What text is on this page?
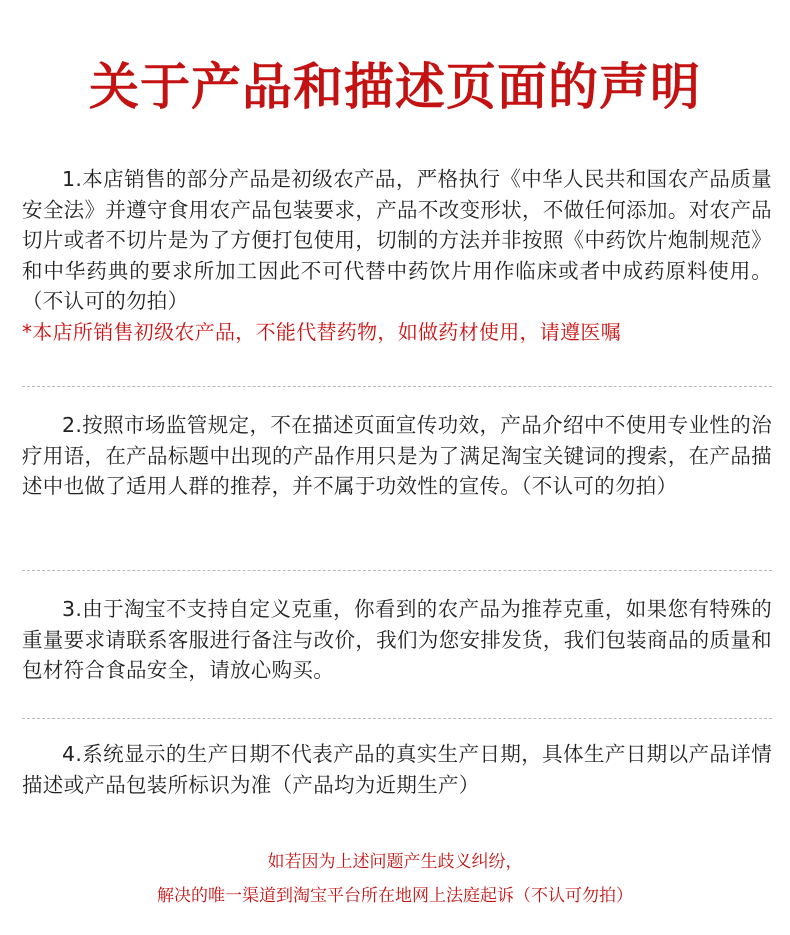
关于产品和描述页面的声明

1.本店销售的部分产品是初级农产品，严格执行《中华人民共和国农产品质量安全法》并遵守食用农产品包装要求，产品不改变形状，不做任何添加。对农产品切片或者不切片是为了方便打包使用，切制的方法并非按照《中药饮片炮制规范》和中华药典的要求所加工因此不可代替中药饮片用作临床或者中成药原料使用。（不认可的勿拍）

*本店所销售初级农产品，不能代替药物，如做药材使用，请遵医嘱

2.按照市场监管规定，不在描述页面宣传功效，产品介绍中不使用专业性的治疗用语，在产品标题中出现的产品作用只是为了满足淘宝关键词的搜索，在产品描述中也做了适用人群的推荐，并不属于功效性的宣传。（不认可的勿拍）

3.由于淘宝不支持自定义克重，你看到的农产品为推荐克重，如果您有特殊的重量要求请联系客服进行备注与改价，我们为您安排发货，我们包装商品的质量和包材符合食品安全，请放心购买。

4.系统显示的生产日期不代表产品的真实生产日期，具体生产日期以产品详情描述或产品包装所标识为准（产品均为近期生产）

如若因为上述问题产生歧义纠纷，
解决的唯一渠道到淘宝平台所在地网上法庭起诉（不认可勿拍）
